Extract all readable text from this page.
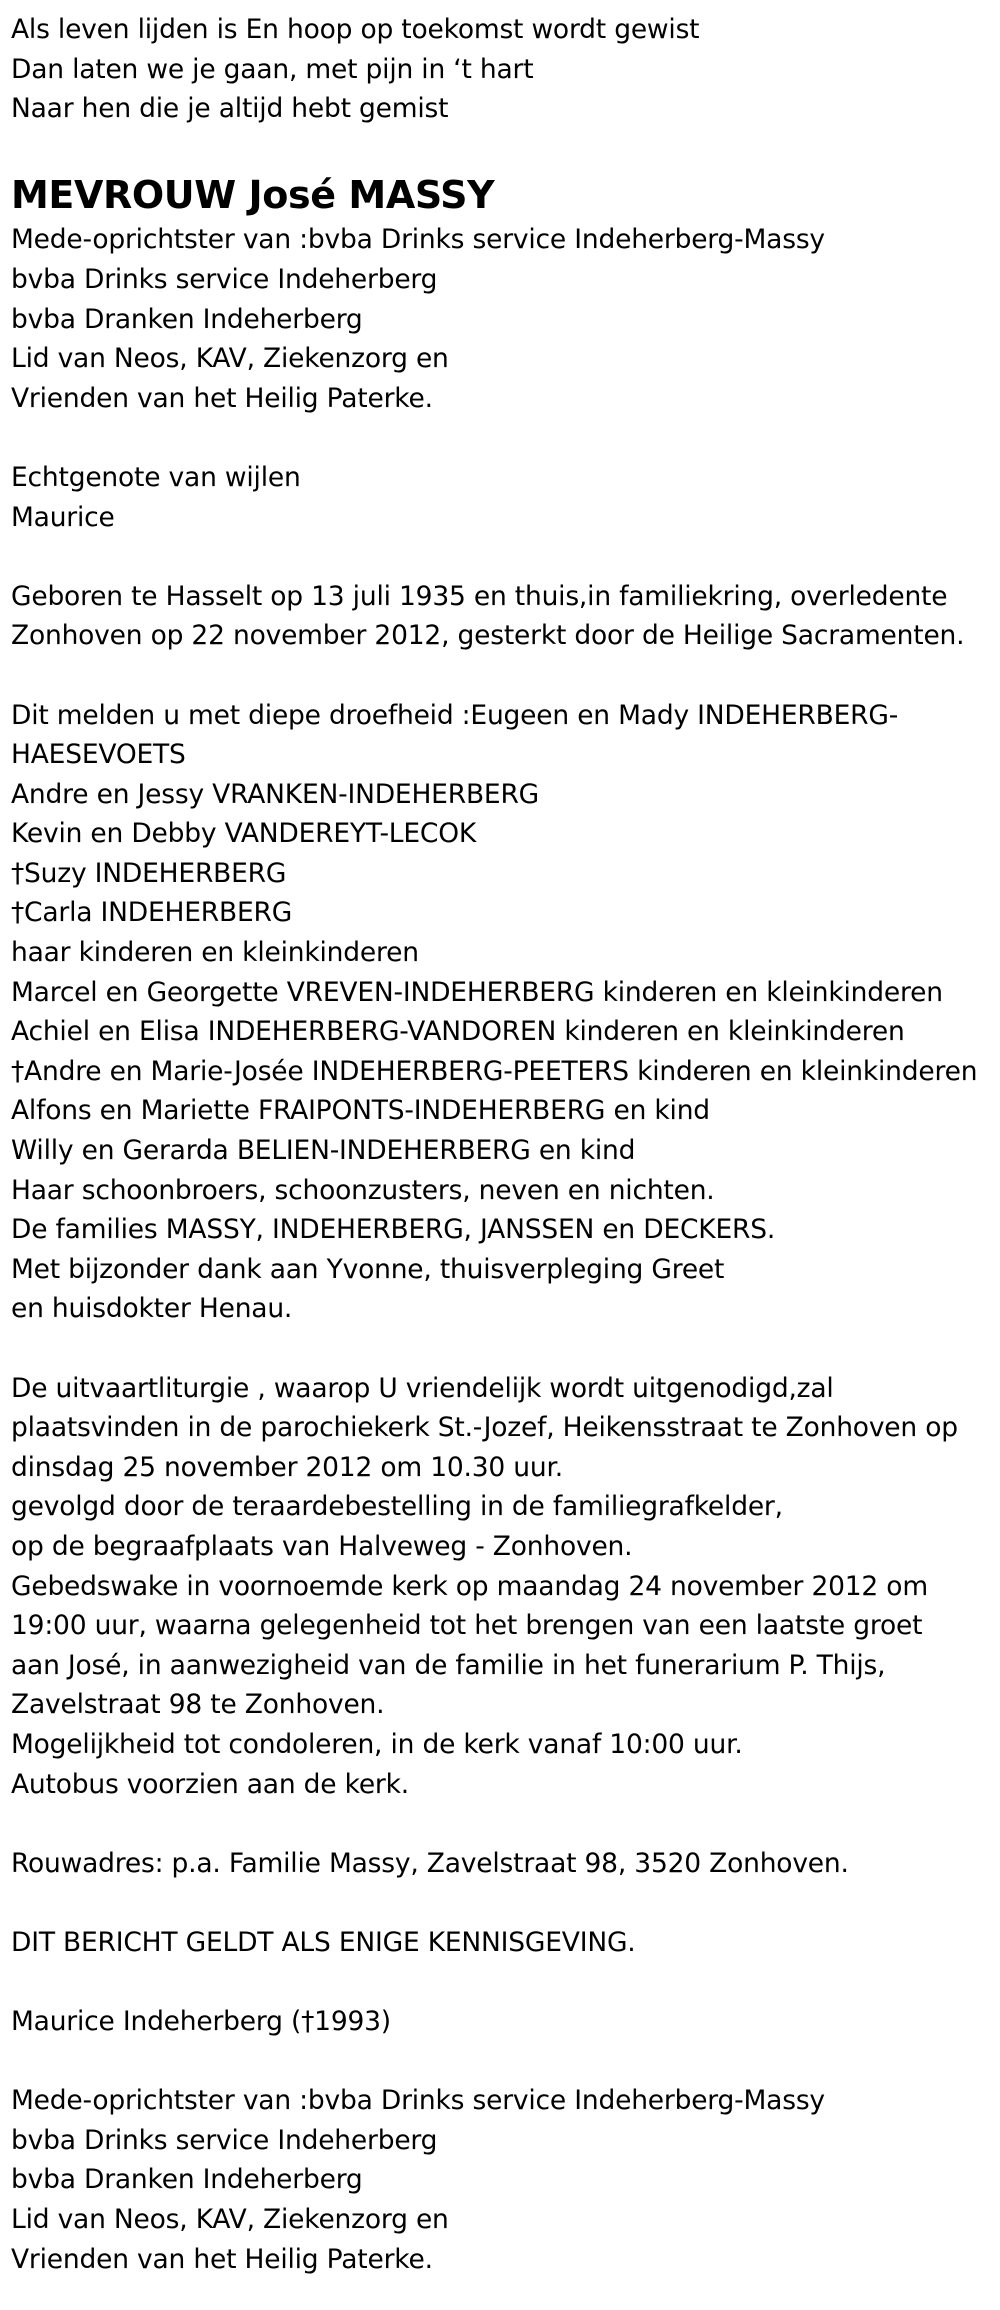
Als leven lijden is En hoop op toekomst wordt gewist
Dan laten we je gaan, met pijn in ‘t hart
Naar hen die je altijd hebt gemist
MEVROUW José MASSY
Mede-oprichtster van :bvba Drinks service Indeherberg-Massy
bvba Drinks service Indeherberg
bvba Dranken Indeherberg
Lid van Neos, KAV, Ziekenzorg en
Vrienden van het Heilig Paterke.
Echtgenote van wijlen
Maurice
Geboren te Hasselt op 13 juli 1935 en thuis,in familiekring, overledente
Zonhoven op 22 november 2012, gesterkt door de Heilige Sacramenten.
Dit melden u met diepe droefheid :Eugeen en Mady INDEHERBERG-
HAESEVOETS
Andre en Jessy VRANKEN-INDEHERBERG
Kevin en Debby VANDEREYT-LECOK
†Suzy INDEHERBERG
†Carla INDEHERBERG
haar kinderen en kleinkinderen
Marcel en Georgette VREVEN-INDEHERBERG kinderen en kleinkinderen
Achiel en Elisa INDEHERBERG-VANDOREN kinderen en kleinkinderen
†Andre en Marie-Josée INDEHERBERG-PEETERS kinderen en kleinkinderen
Alfons en Mariette FRAIPONTS-INDEHERBERG en kind
Willy en Gerarda BELIEN-INDEHERBERG en kind
Haar schoonbroers, schoonzusters, neven en nichten.
De families MASSY, INDEHERBERG, JANSSEN en DECKERS.
Met bijzonder dank aan Yvonne, thuisverpleging Greet
en huisdokter Henau.
De uitvaartliturgie , waarop U vriendelijk wordt uitgenodigd,zal
plaatsvinden in de parochiekerk St.-Jozef, Heikensstraat te Zonhoven op
dinsdag 25 november 2012 om 10.30 uur.
gevolgd door de teraardebestelling in de familiegrafkelder,
op de begraafplaats van Halveweg - Zonhoven.
Gebedswake in voornoemde kerk op maandag 24 november 2012 om
19:00 uur, waarna gelegenheid tot het brengen van een laatste groet
aan José, in aanwezigheid van de familie in het funerarium P. Thijs,
Zavelstraat 98 te Zonhoven.
Mogelijkheid tot condoleren, in de kerk vanaf 10:00 uur.
Autobus voorzien aan de kerk.
Rouwadres: p.a. Familie Massy, Zavelstraat 98, 3520 Zonhoven.
DIT BERICHT GELDT ALS ENIGE KENNISGEVING.
Maurice Indeherberg (†1993)
Mede-oprichtster van :bvba Drinks service Indeherberg-Massy
bvba Drinks service Indeherberg
bvba Dranken Indeherberg
Lid van Neos, KAV, Ziekenzorg en
Vrienden van het Heilig Paterke.
